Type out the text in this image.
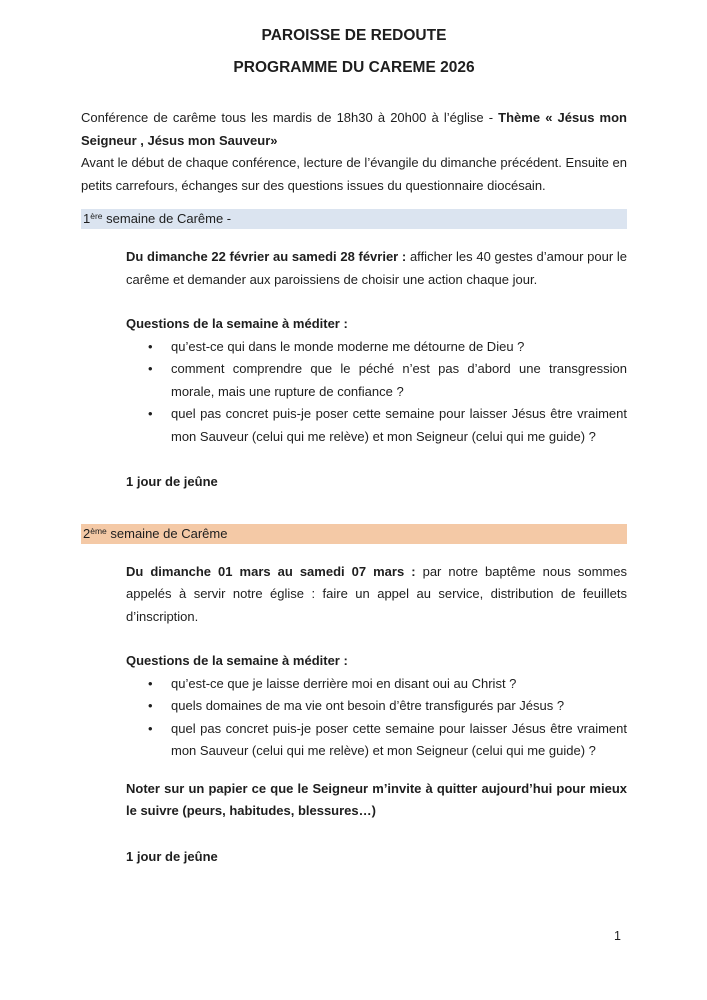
PAROISSE DE REDOUTE
PROGRAMME DU CAREME 2026

Conférence de carême tous les mardis de 18h30 à 20h00 à l’église - Thème « Jésus mon Seigneur , Jésus mon Sauveur»

Avant le début de chaque conférence, lecture de l’évangile du dimanche précédent. Ensuite en petits carrefours, échanges sur des questions issues du questionnaire diocésain.

1ère semaine de Carême -

Du dimanche 22 février au samedi 28 février : afficher les 40 gestes d’amour pour le carême et demander aux paroissiens de choisir une action chaque jour.

Questions de la semaine à méditer :

• qu’est-ce qui dans le monde moderne me détourne de Dieu ?
• comment comprendre que le péché n’est pas d’abord une transgression morale, mais une rupture de confiance ?
• quel pas concret puis-je poser cette semaine pour laisser Jésus être vraiment mon Sauveur (celui qui me relève) et mon Seigneur (celui qui me guide) ?

1 jour de jeûne

2ème semaine de Carême

Du dimanche 01 mars au samedi 07 mars : par notre baptême nous sommes appelés à servir notre église : faire un appel au service, distribution de feuillets d’inscription.

Questions de la semaine à méditer :

• qu’est-ce que je laisse derrière moi en disant oui au Christ ?
• quels domaines de ma vie ont besoin d’être transfigurés par Jésus ?
• quel pas concret puis-je poser cette semaine pour laisser Jésus être vraiment mon Sauveur (celui qui me relève) et mon Seigneur (celui qui me guide) ?

Noter sur un papier ce que le Seigneur m’invite à quitter aujourd’hui pour mieux le suivre (peurs, habitudes, blessures…)

1 jour de jeûne

1
